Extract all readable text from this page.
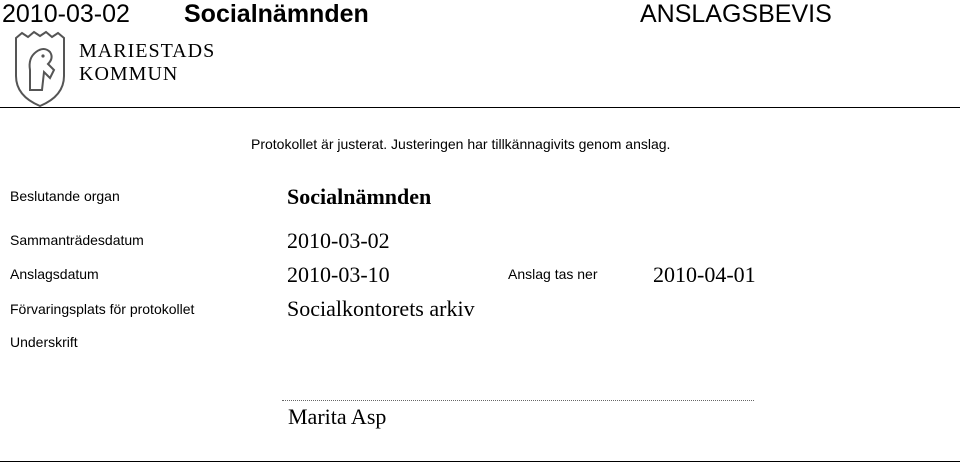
2010-03-02 Socialnämnden	ANSLAGSBEVIS
MARIESTADS
KOMMUN
Protokollet är justerat. Justeringen har tillkännagivits genom anslag.
Beslutande organ	Socialnämnden
Sammanträdesdatum	2010-03-02
Anslagsdatum	2010-03-10	Anslag tas ner	2010-04-01
Förvaringsplats för protokollet	Socialkontorets arkiv
Underskrift
Marita Asp
